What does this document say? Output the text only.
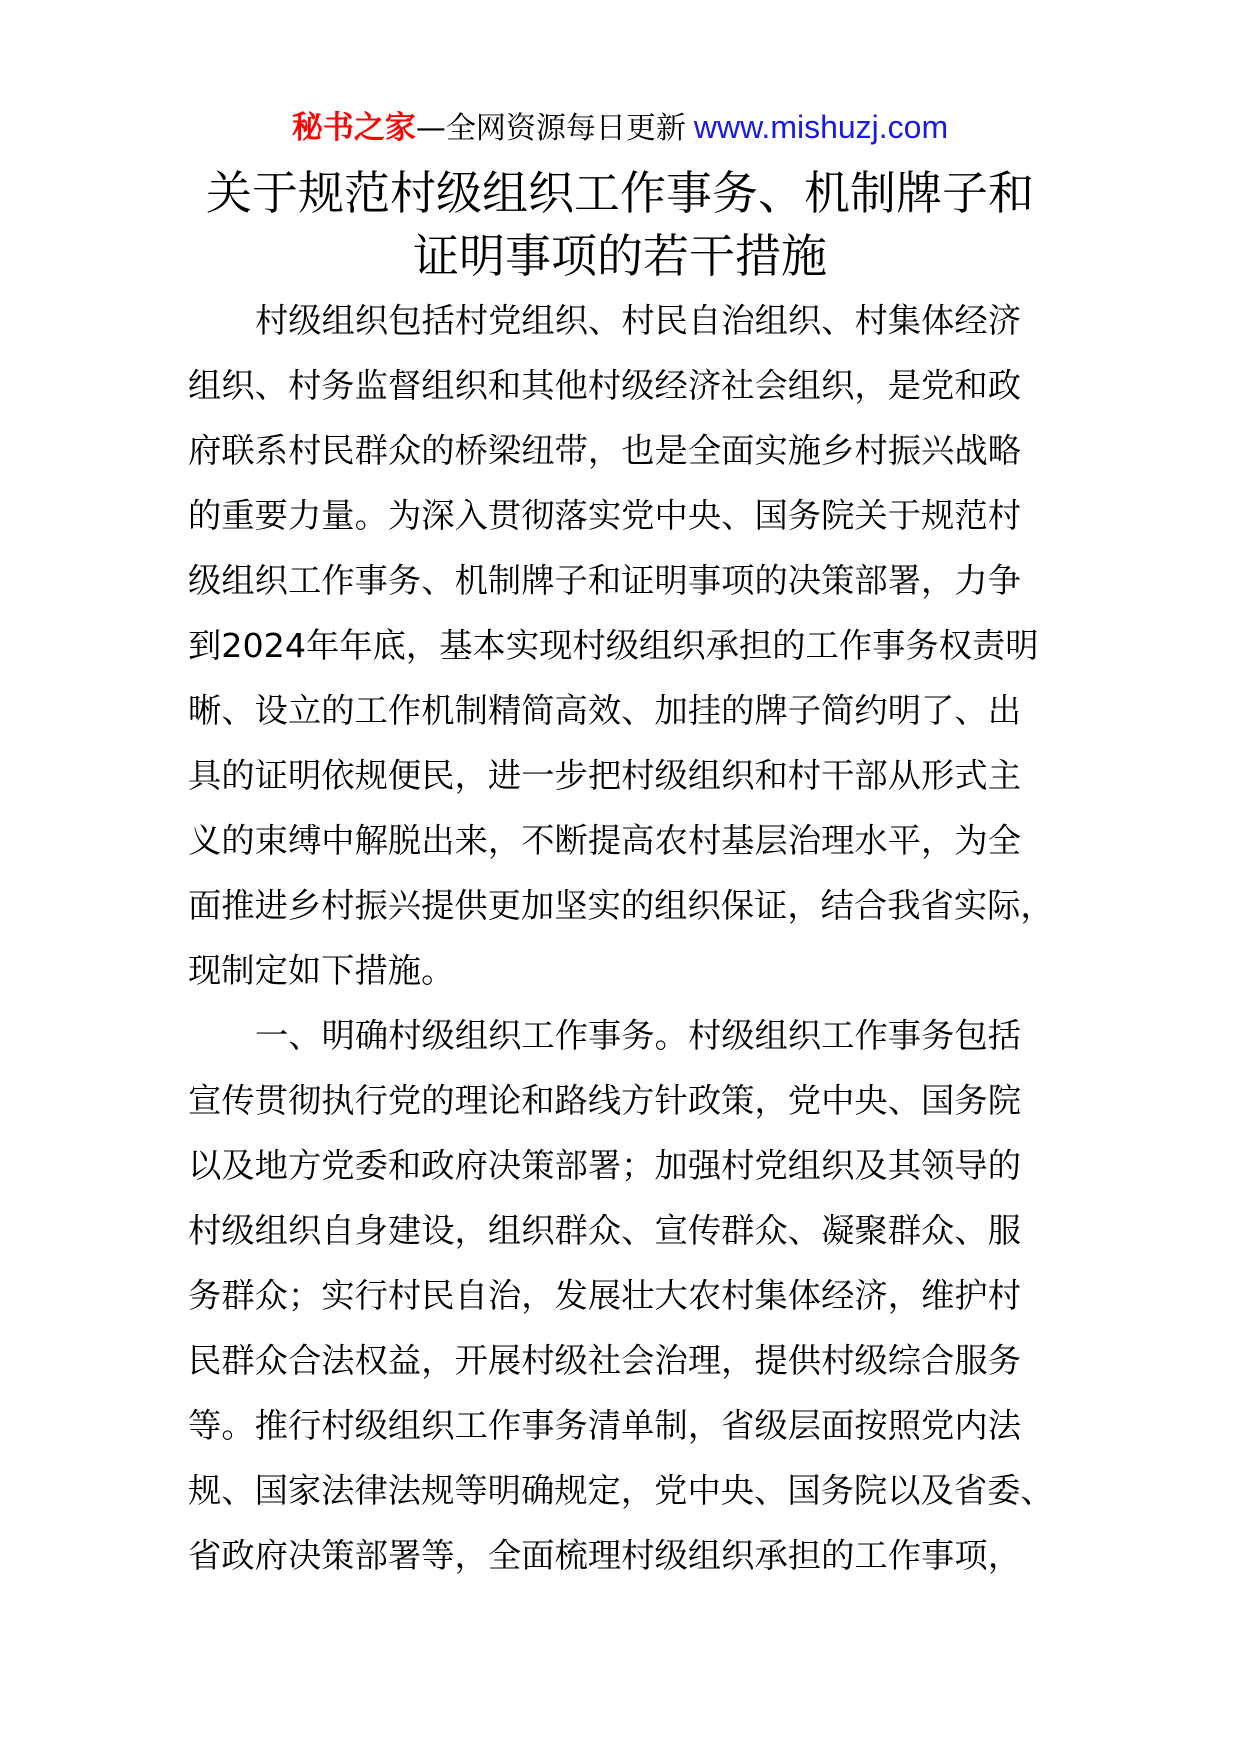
秘书之家—全网资源每日更新 www.mishuzj.com
关于规范村级组织工作事务、机制牌子和
证明事项的若干措施
村级组织包括村党组织、村民自治组织、村集体经济
组织、村务监督组织和其他村级经济社会组织，是党和政
府联系村民群众的桥梁纽带，也是全面实施乡村振兴战略
的重要力量。为深入贯彻落实党中央、国务院关于规范村
级组织工作事务、机制牌子和证明事项的决策部署，力争
到2024年年底，基本实现村级组织承担的工作事务权责明
晰、设立的工作机制精简高效、加挂的牌子简约明了、出
具的证明依规便民，进一步把村级组织和村干部从形式主
义的束缚中解脱出来，不断提高农村基层治理水平，为全
面推进乡村振兴提供更加坚实的组织保证，结合我省实际，
现制定如下措施。
一、明确村级组织工作事务。村级组织工作事务包括
宣传贯彻执行党的理论和路线方针政策，党中央、国务院
以及地方党委和政府决策部署；加强村党组织及其领导的
村级组织自身建设，组织群众、宣传群众、凝聚群众、服
务群众；实行村民自治，发展壮大农村集体经济，维护村
民群众合法权益，开展村级社会治理，提供村级综合服务
等。推行村级组织工作事务清单制，省级层面按照党内法
规、国家法律法规等明确规定，党中央、国务院以及省委、
省政府决策部署等，全面梳理村级组织承担的工作事项，
